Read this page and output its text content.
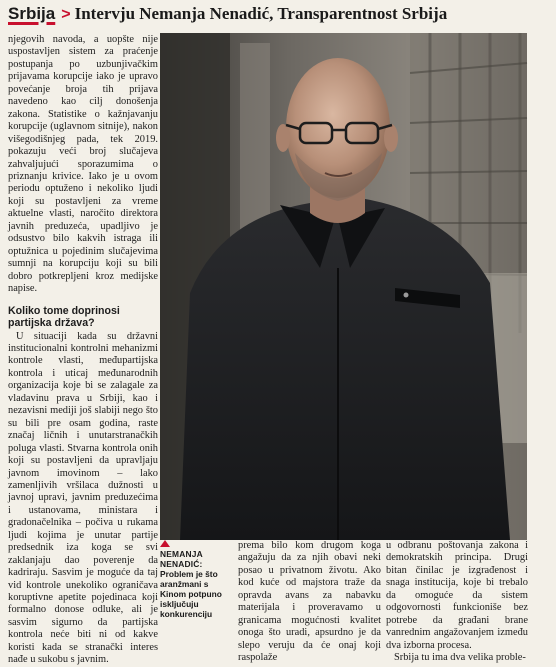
Srbija > Intervju Nemanja Nenadić, Transparentnost Srbija

njegovih navoda, a uopšte nije uspostavljen sistem za praćenje postupanja po uzbunjivačkim prijavama korupcije iako je upravo povećanje broja tih prijava navedeno kao cilj donošenja zakona. Statistike o kažnjavanju korupcije (uglavnom sitnije), nakon višegodišnjeg pada, tek 2019. pokazuju veći broj slučajeva zahvaljujući sporazumima o priznanju krivice. Iako je u ovom periodu optuženo i nekoliko ljudi koji su postavljeni za vreme aktuelne vlasti, naročito direktora javnih preduzeća, upadljivo je odsustvo bilo kakvih istraga ili optužnica u pojedinim slučajevima sumnji na korupciju koji su bili dobro potkrepljeni kroz medijske napise.

Koliko tome doprinosi partijska država?

U situaciji kada su državni institucionalni kontrolni mehanizmi kontrole vlasti, međupartijska kontrola i uticaj međunarodnih organizacija koje bi se zalagale za vladavinu prava u Srbiji, kao i nezavisni mediji još slabiji nego što su bili pre osam godina, raste značaj ličnih i unutarstranačkih poluga vlasti. Stvarna kontrola onih koji su postavljeni da upravljaju javnom imovinom – lako zamenljivih vršilaca dužnosti u javnoj upravi, javnim preduzećima i ustanovama, ministara i gradonačelnika – počiva u rukama ljudi kojima je unutar partije predsednik iza koga se svi zaklanjaju dao poverenje da kadriraju. Sasvim je moguće da taj vid kontrole unekoliko ograničava koruptivne apetite pojedinaca koji formalno donose odluke, ali je sasvim sigurno da partijska kontrola neće biti ni od kakve koristi kada se stranački interes nađe u sukobu s javnim.

NEMANJA NENADIĆ:
Problem je što aranžmani s Kinom potpuno isključuju konkurenciju

prema bilo kom drugom koga angažuju da za njih obavi neki posao u privatnom životu. Ako kod kuće od majstora traže da opravda avans za nabavku materijala i proveravamo u granicama mogućnosti kvalitet onoga što uradi, apsurdno je da slepo veruju da će onaj koji raspolaže

u odbranu poštovanja zakona i demokratskih principa. Drugi bitan činilac je izgrađenost i snaga institucija, koje bi trebalo da omoguće da sistem odgovornosti funkcioniše bez potrebe da građani brane vanrednim angažovanjem između dva izborna procesa.

Srbija tu ima dva velika proble-
